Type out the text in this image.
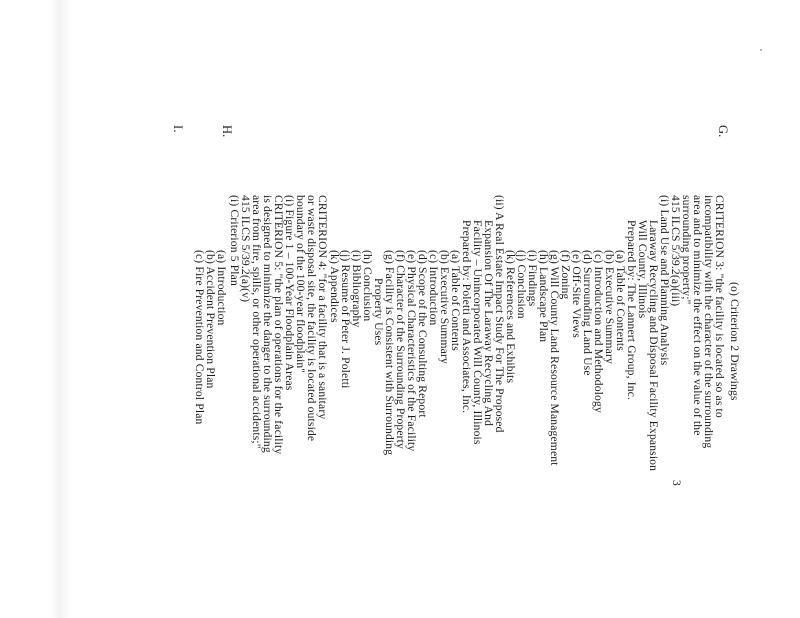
G.
H.
I.
(o) Criterion 2 Drawings
CRITERION 3: "the facility is located so as to
incompatibility with the character of the surrounding
area and to minimize the effect on the value of the
surrounding property;"
415 ILCS 5/39.2(a)(iii)
(i) Land Use and Planning Analysis
Laraway Recycling and Disposal Facility Expansion
Will County, Illinois
Prepared by: The Lannert Group, Inc.
(a) Table of Contents
(b) Executive Summary
(c) Introduction and Methodology
(d) Surrounding Land Use
(e) Off-Site Views
(f) Zoning
(g) Will County Land Resource Management
(h) Landscape Plan
(i) Findings
(j) Conclusion
(k) References and Exhibits
(ii) A Real Estate Impact Study For The Proposed
Expansion Of The Laraway Recycling And
Facility – Unincorporated Will County, Illinois
Prepared by: Poletti and Associates, Inc.
(a) Table of Contents
(b) Executive Summary
(c) Introduction
(d) Scope of the Consulting Report
(e) Physical Characteristics of the Facility
(f) Character of the Surrounding Property
(g) Facility is Consistent with Surrounding
Property Uses
(h) Conclusion
(i) Bibliography
(j) Resume of Peter J. Poletti
(k) Appendices
CRITERION 4: "for a facility that is a sanitary
or waste disposal site, the facility is located outside
boundary of the 100-year floodplain"
(i) Figure 1 – 100-Year Floodplain Areas
CRITERION 5: "the plan of operations for the facility
is designed to minimize the danger to the surrounding
area from fire, spills, or other operational accidents;"
415 ILCS 5/39.2(a)(v)
(i) Criterion 5 Plan
(a) Introduction
(b) Accident Prevention Plan
(c) Fire Prevention and Control Plan
3
